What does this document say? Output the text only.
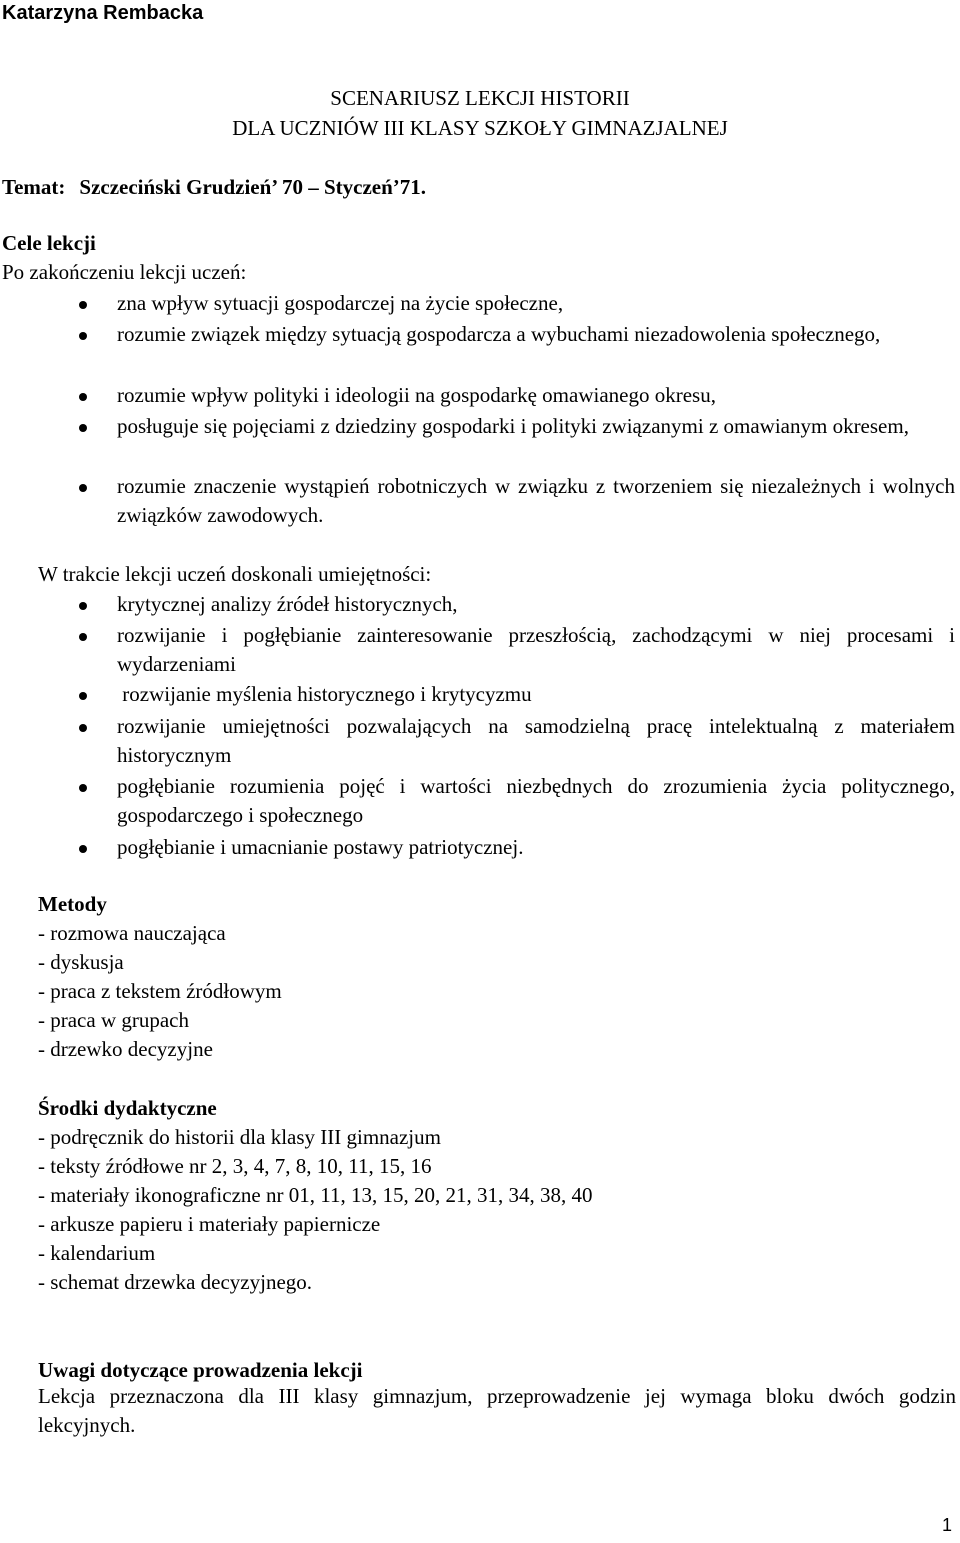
Katarzyna Rembacka
SCENARIUSZ LEKCJI HISTORII
DLA UCZNIÓW III KLASY SZKOŁY GIMNAZJALNEJ
Temat: Szczeciński Grudzień’ 70 – Styczeń’71.
Cele lekcji
Po zakończeniu lekcji uczeń:
zna wpływ sytuacji gospodarczej na życie społeczne,
rozumie związek między sytuacją gospodarcza a wybuchami niezadowolenia społecznego,
rozumie wpływ polityki i ideologii na gospodarkę omawianego okresu,
posługuje się pojęciami z dziedziny gospodarki i polityki związanymi z omawianym okresem,
rozumie znaczenie wystąpień robotniczych w związku z tworzeniem się niezależnych i wolnych związków zawodowych.
W trakcie lekcji uczeń doskonali umiejętności:
krytycznej analizy źródeł historycznych,
rozwijanie i pogłębianie zainteresowanie przeszłością, zachodzącymi w niej procesami i wydarzeniami
rozwijanie myślenia historycznego i krytycyzmu
rozwijanie umiejętności pozwalających na samodzielną pracę intelektualną z materiałem historycznym
pogłębianie rozumienia pojęć i wartości niezbędnych do zrozumienia życia politycznego, gospodarczego i społecznego
pogłębianie i umacnianie postawy patriotycznej.
Metody
- rozmowa nauczająca
- dyskusja
- praca z tekstem źródłowym
- praca w grupach
- drzewko decyzyjne
Środki dydaktyczne
- podręcznik do historii dla klasy III gimnazjum
- teksty źródłowe nr 2, 3, 4, 7, 8, 10, 11, 15, 16
- materiały ikonograficzne nr 01, 11, 13, 15, 20, 21, 31, 34, 38, 40
- arkusze papieru i materiały papiernicze
- kalendarium
- schemat drzewka decyzyjnego.
Uwagi dotyczące prowadzenia lekcji
Lekcja przeznaczona dla III klasy gimnazjum, przeprowadzenie jej wymaga bloku dwóch godzin lekcyjnych.
1
